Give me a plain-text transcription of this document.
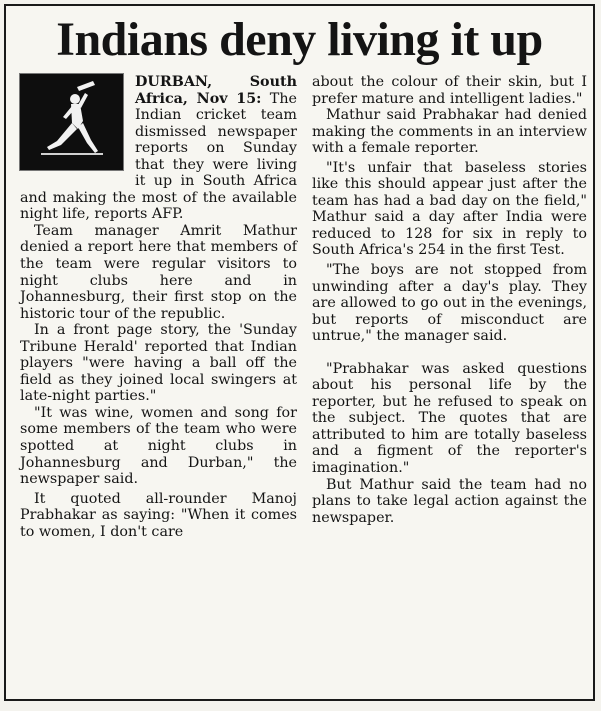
Indians deny living it up

DURBAN, South Africa, Nov 15: The Indian cricket team dismissed newspaper reports on Sunday that they were living it up in South Africa and making the most of the available night life, reports AFP.

Team manager Amrit Mathur denied a report here that members of the team were regular visitors to night clubs here and in Johannesburg, their first stop on the historic tour of the republic.

In a front page story, the 'Sunday Tribune Herald' reported that Indian players "were having a ball off the field as they joined local swingers at late-night parties."

"It was wine, women and song for some members of the team who were spotted at night clubs in Johannesburg and Durban," the newspaper said.

It quoted all-rounder Manoj Prabhakar as saying: "When it comes to women, I don't care

about the colour of their skin, but I prefer mature and intelligent ladies."

Mathur said Prabhakar had denied making the comments in an interview with a female reporter.

"It's unfair that baseless stories like this should appear just after the team has had a bad day on the field," Mathur said a day after India were reduced to 128 for six in reply to South Africa's 254 in the first Test.

"The boys are not stopped from unwinding after a day's play. They are allowed to go out in the evenings, but reports of misconduct are untrue," the manager said.

"Prabhakar was asked questions about his personal life by the reporter, but he refused to speak on the subject. The quotes that are attributed to him are totally baseless and a figment of the reporter's imagination."

But Mathur said the team had no plans to take legal action against the newspaper.
